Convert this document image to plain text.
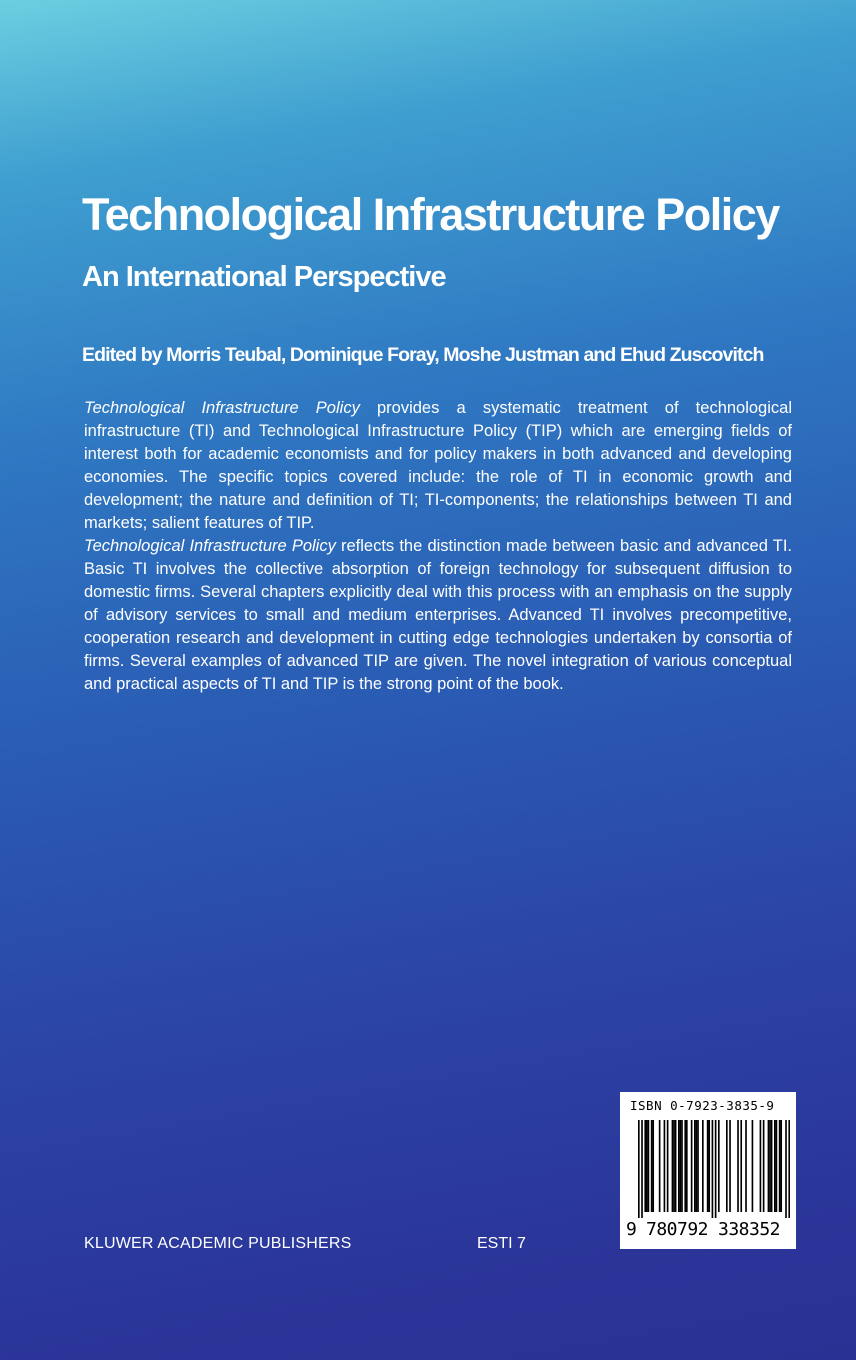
Technological Infrastructure Policy
An International Perspective
Edited by Morris Teubal, Dominique Foray, Moshe Justman and Ehud Zuscovitch

Technological Infrastructure Policy provides a systematic treatment of technological infrastructure (TI) and Technological Infrastructure Policy (TIP) which are emerging fields of interest both for academic economists and for policy makers in both advanced and developing economies. The specific topics covered include: the role of TI in economic growth and development; the nature and definition of TI; TI-components; the relationships between TI and markets; salient features of TIP.

Technological Infrastructure Policy reflects the distinction made between basic and advanced TI. Basic TI involves the collective absorption of foreign technology for subsequent diffusion to domestic firms. Several chapters explicitly deal with this process with an emphasis on the supply of advisory services to small and medium enterprises. Advanced TI involves precompetitive, cooperation research and development in cutting edge technologies undertaken by consortia of firms. Several examples of advanced TIP are given. The novel integration of various conceptual and practical aspects of TI and TIP is the strong point of the book.

KLUWER ACADEMIC PUBLISHERS	ESTI 7
ISBN 0-7923-3835-9
9 780792 338352
